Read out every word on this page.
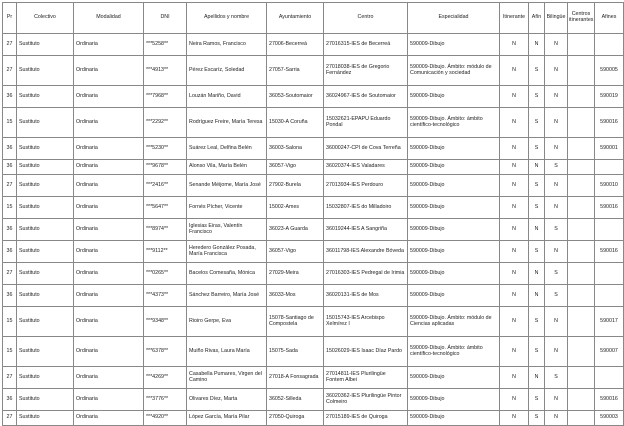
Pr	Colectivo	Modalidad	DNI	Apellidos y nombre	Ayuntamiento	Centro	Especialidad	Itinerante	Afín	Bilingüe	Centros itinerantes	Afines
27	Sustituto	Ordinaria	***5258**	Neira Ramos, Francisco	27006-Becerreá	27016315-IES de Becerreá	590009-Dibujo	N	N	N		
27	Sustituto	Ordinaria	***4913**	Pérez Escaríz, Soledad	27057-Sarria	27018038-IES de Gregorio Fernández	590009-Dibujo. Ámbito: módulo de Comunicación y sociedad	N	S	N		590005
36	Sustituto	Ordinaria	***7968**	Louzán Mariño, David	36053-Soutomaior	36024967-IES de Soutomaior	590009-Dibujo	N	S	N		590019
15	Sustituto	Ordinaria	***2292**	Rodríguez Freire, María Teresa	15030-A Coruña	15032621-EPAPU Eduardo Pondal	590009-Dibujo. Ámbito: ámbito científico-tecnológico	N	S	N		590016
36	Sustituto	Ordinaria	***5230**	Suárez Leal, Delfina Belén	36003-Salona	36000247-CPI de Cova Terreña	590009-Dibujo	N	S	N		590001
36	Sustituto	Ordinaria	***9678**	Alonso Vila, María Belén	36057-Vigo	36020374-IES Valadares	590009-Dibujo	N	N	S		
27	Sustituto	Ordinaria	***2416**	Senande Méijome, María José	27902-Burela	27013934-IES Perdouro	590009-Dibujo	N	S	N		590010
15	Sustituto	Ordinaria	***5647**	Fornés Pícher, Vicente	15002-Ames	15032807-IES do Milladoiro	590009-Dibujo	N	S	N		590016
36	Sustituto	Ordinaria	***8974**	Iglesias Eiras, Valentín Francisco	36023-A Guarda	36019244-IES A Sangriña	590009-Dibujo	N	N	S		
36	Sustituto	Ordinaria	***9112**	Heredero González Posada, María Francisca	36057-Vigo	36011798-IES Alexandre Bóveda	590009-Dibujo	N	S	N		590016
27	Sustituto	Ordinaria	***0265**	Bacelos Comesaña, Mónica	27029-Meira	27016303-IES Pedregal de Irimia	590009-Dibujo	N	N	S		
36	Sustituto	Ordinaria	***4373**	Sánchez Barreiro, María José	36033-Mos	36020131-IES de Mos	590009-Dibujo	N	N	S		
15	Sustituto	Ordinaria	***9348**	Rioiro Gerpe, Eva	15078-Santiago de Compostela	15015743-IES Arcebispo Xelmírez I	590009-Dibujo. Ámbito: módulo de Ciencias aplicadas	N	S	N		590017
15	Sustituto	Ordinaria	***6378**	Muiño Rivas, Laura María	15075-Sada	15026029-IES Isaac Díaz Pardo	590009-Dibujo. Ámbito: ámbito científico-tecnológico	N	S	N		590007
27	Sustituto	Ordinaria	***4269**	Casabella Pumares, Virgen del Camino	27018-A Fonsagrada	27014811-IES Plurilingüe Fontem Albei	590009-Dibujo	N	N	S		
36	Sustituto	Ordinaria	***3776**	Olivares Díez, Marta	36052-Silleda	36020362-IES Plurilingüe Pintor Colmeiro	590009-Dibujo	N	S	N		590016
27	Sustituto	Ordinaria	***4920**	López García, María Pilar	27050-Quiroga	27015189-IES de Quiroga	590009-Dibujo	N	S	N		590003
